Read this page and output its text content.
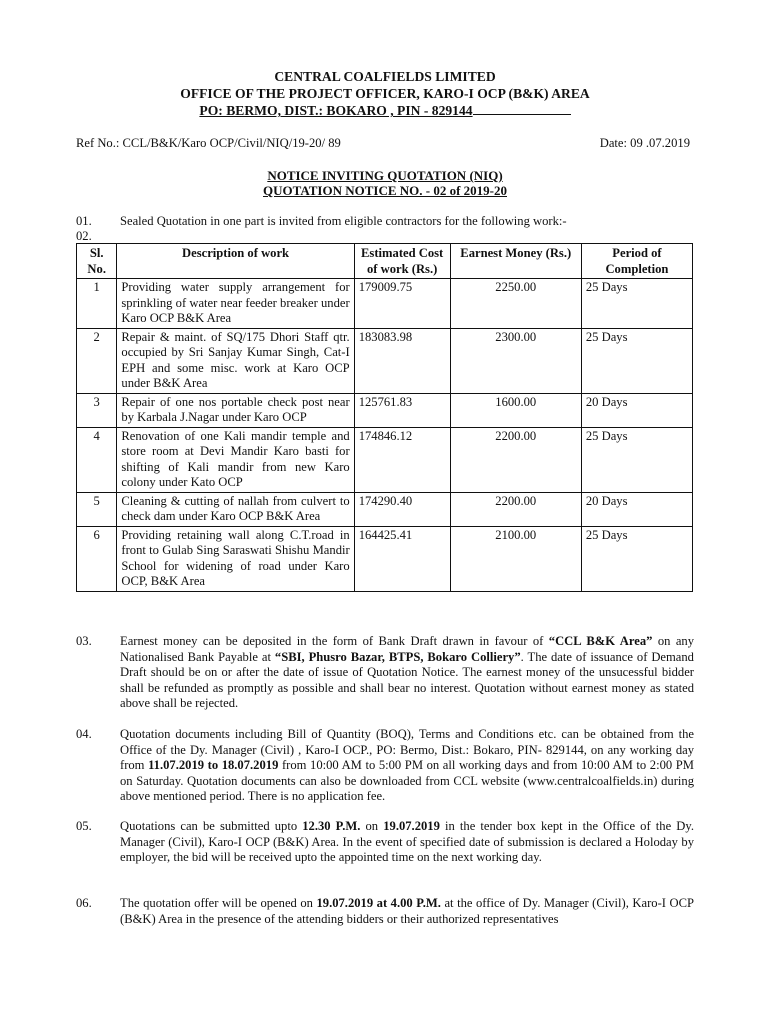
CENTRAL COALFIELDS LIMITED
OFFICE OF THE PROJECT OFFICER, KARO-I OCP (B&K) AREA
PO: BERMO, DIST.: BOKARO , PIN - 829144
Ref No.: CCL/B&K/Karo OCP/Civil/NIQ/19-20/ 89	Date: 09 .07.2019
NOTICE INVITING QUOTATION (NIQ)
QUOTATION NOTICE NO. - 02 of 2019-20
01. Sealed Quotation in one part is invited from eligible contractors for the following work:-
02.
Sl. No.	Description of work	Estimated Cost of work (Rs.)	Earnest Money (Rs.)	Period of Completion
1	Providing water supply arrangement for sprinkling of water near feeder breaker under Karo OCP B&K Area	179009.75	2250.00	25 Days
2	Repair & maint. of SQ/175 Dhori Staff qtr. occupied by Sri Sanjay Kumar Singh, Cat-I EPH and some misc. work at Karo OCP under B&K Area	183083.98	2300.00	25 Days
3	Repair of one nos portable check post near by Karbala J.Nagar under Karo OCP	125761.83	1600.00	20 Days
4	Renovation of one Kali mandir temple and store room at Devi Mandir Karo basti for shifting of Kali mandir from new Karo colony under Kato OCP	174846.12	2200.00	25 Days
5	Cleaning & cutting of nallah from culvert to check dam under Karo OCP B&K Area	174290.40	2200.00	20 Days
6	Providing retaining wall along C.T.road in front to Gulab Sing Saraswati Shishu Mandir School for widening of road under Karo OCP, B&K Area	164425.41	2100.00	25 Days
03. Earnest money can be deposited in the form of Bank Draft drawn in favour of “CCL B&K Area” on any Nationalised Bank Payable at “SBI, Phusro Bazar, BTPS, Bokaro Colliery”. The date of issuance of Demand Draft should be on or after the date of issue of Quotation Notice. The earnest money of the unsucessful bidder shall be refunded as promptly as possible and shall bear no interest. Quotation without earnest money as stated above shall be rejected.
04. Quotation documents including Bill of Quantity (BOQ), Terms and Conditions etc. can be obtained from the Office of the Dy. Manager (Civil) , Karo-I OCP., PO: Bermo, Dist.: Bokaro, PIN- 829144, on any working day from 11.07.2019 to 18.07.2019 from 10:00 AM to 5:00 PM on all working days and from 10:00 AM to 2:00 PM on Saturday. Quotation documents can also be downloaded from CCL website (www.centralcoalfields.in) during above mentioned period. There is no application fee.
05. Quotations can be submitted upto 12.30 P.M. on 19.07.2019 in the tender box kept in the Office of the Dy. Manager (Civil), Karo-I OCP (B&K) Area. In the event of specified date of submission is declared a Holoday by employer, the bid will be received upto the appointed time on the next working day.
06. The quotation offer will be opened on 19.07.2019 at 4.00 P.M. at the office of Dy. Manager (Civil), Karo-I OCP (B&K) Area in the presence of the attending bidders or their authorized representatives
